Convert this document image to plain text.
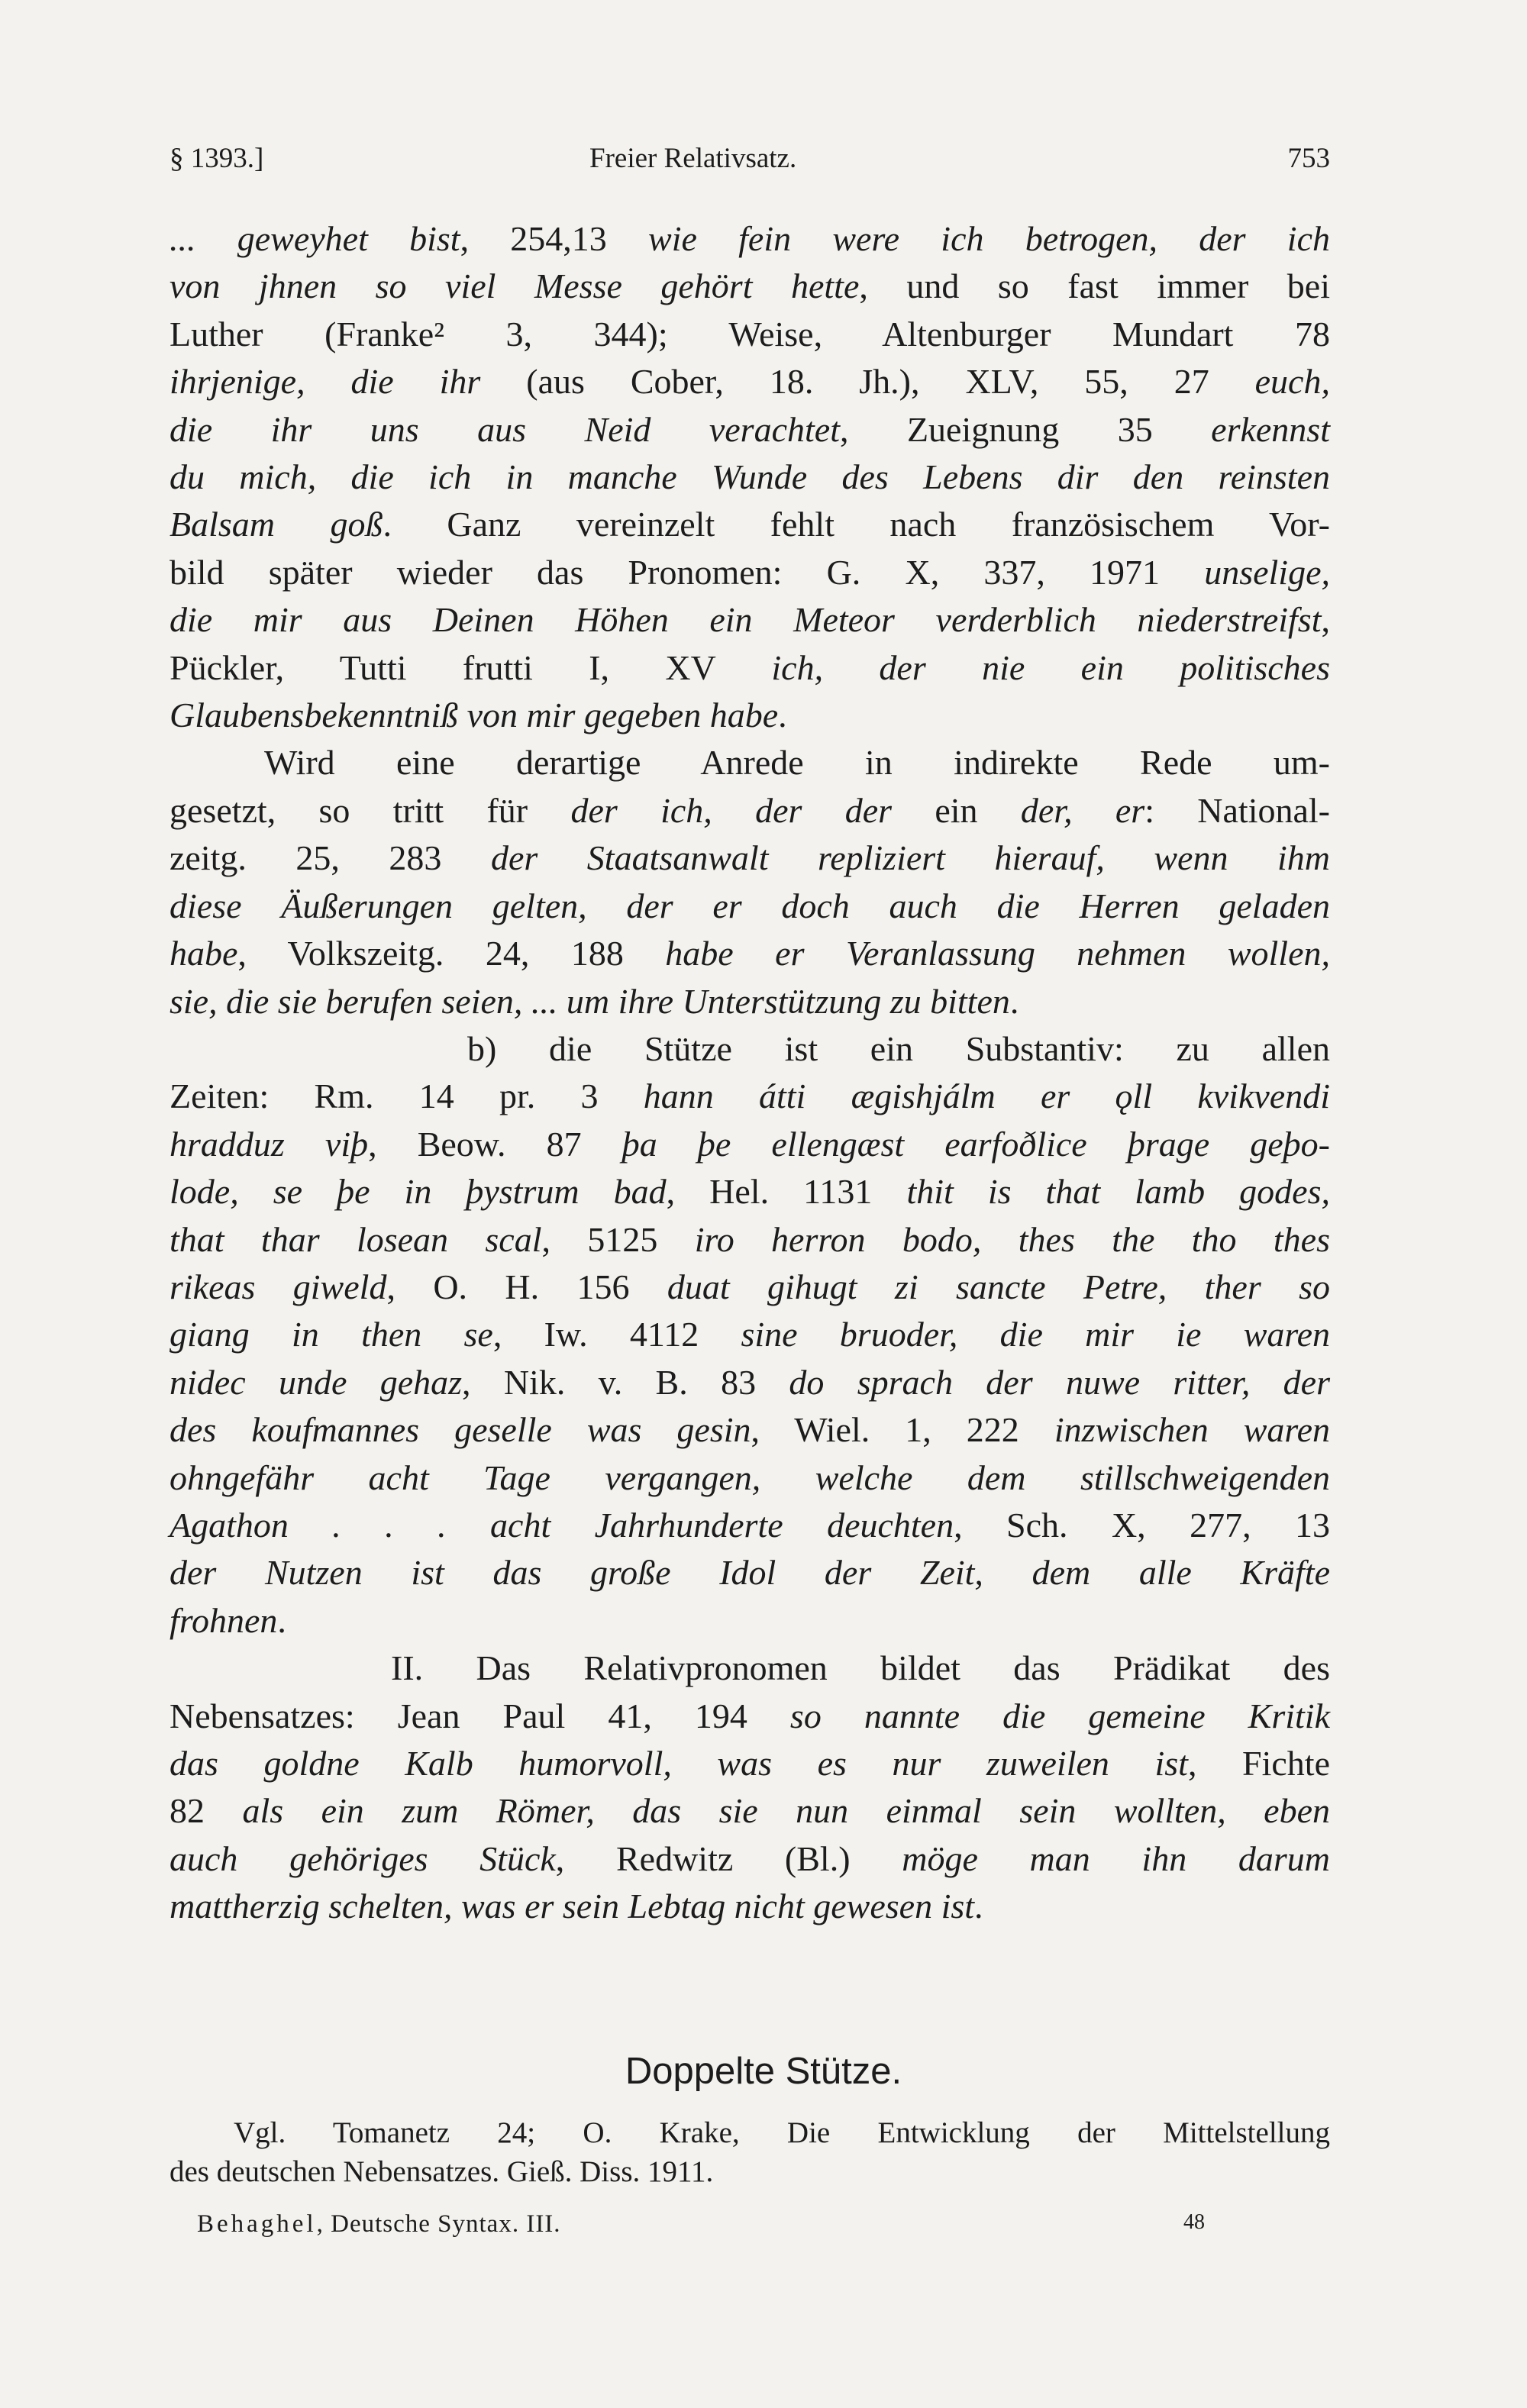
§ 1393.]	Freier Relativsatz.	753
... geweyhet bist, 254,13 wie fein were ich betrogen, der ich
von jhnen so viel Messe gehört hette, und so fast immer bei
Luther (Franke² 3, 344); Weise, Altenburger Mundart 78
ihrjenige, die ihr (aus Cober, 18. Jh.), XLV, 55, 27 euch,
die ihr uns aus Neid verachtet, Zueignung 35 erkennst
du mich, die ich in manche Wunde des Lebens dir den reinsten
Balsam goß. Ganz vereinzelt fehlt nach französischem Vor-
bild später wieder das Pronomen: G. X, 337, 1971 unselige,
die mir aus Deinen Höhen ein Meteor verderblich niederstreifst,
Pückler, Tutti frutti I, XV ich, der nie ein politisches
Glaubensbekenntniß von mir gegeben habe.
Wird eine derartige Anrede in indirekte Rede um-
gesetzt, so tritt für der ich, der der ein der, er: National-
zeitg. 25, 283 der Staatsanwalt repliziert hierauf, wenn ihm
diese Äußerungen gelten, der er doch auch die Herren geladen
habe, Volkszeitg. 24, 188 habe er Veranlassung nehmen wollen,
sie, die sie berufen seien, ... um ihre Unterstützung zu bitten.
b) die Stütze ist ein Substantiv: zu allen
Zeiten: Rm. 14 pr. 3 hann átti ægishjálm er ǫll kvikvendi
hradduz viþ, Beow. 87 þa þe ellengæst earfoðlice þrage geþo-
lode, se þe in þystrum bad, Hel. 1131 thit is that lamb godes,
that thar losean scal, 5125 iro herron bodo, thes the tho thes
rikeas giweld, O. H. 156 duat gihugt zi sancte Petre, ther so
giang in then se, Iw. 4112 sine bruoder, die mir ie waren
nidec unde gehaz, Nik. v. B. 83 do sprach der nuwe ritter, der
des koufmannes geselle was gesin, Wiel. 1, 222 inzwischen waren
ohngefähr acht Tage vergangen, welche dem stillschweigenden
Agathon . . . acht Jahrhunderte deuchten, Sch. X, 277, 13
der Nutzen ist das große Idol der Zeit, dem alle Kräfte
frohnen.
II. Das Relativpronomen bildet das Prädikat des
Nebensatzes: Jean Paul 41, 194 so nannte die gemeine Kritik
das goldne Kalb humorvoll, was es nur zuweilen ist, Fichte
82 als ein zum Römer, das sie nun einmal sein wollten, eben
auch gehöriges Stück, Redwitz (Bl.) möge man ihn darum
mattherzig schelten, was er sein Lebtag nicht gewesen ist.
Doppelte Stütze.
Vgl. Tomanetz 24; O. Krake, Die Entwicklung der Mittelstellung
des deutschen Nebensatzes. Gieß. Diss. 1911.
Behaghel, Deutsche Syntax. III.	48
